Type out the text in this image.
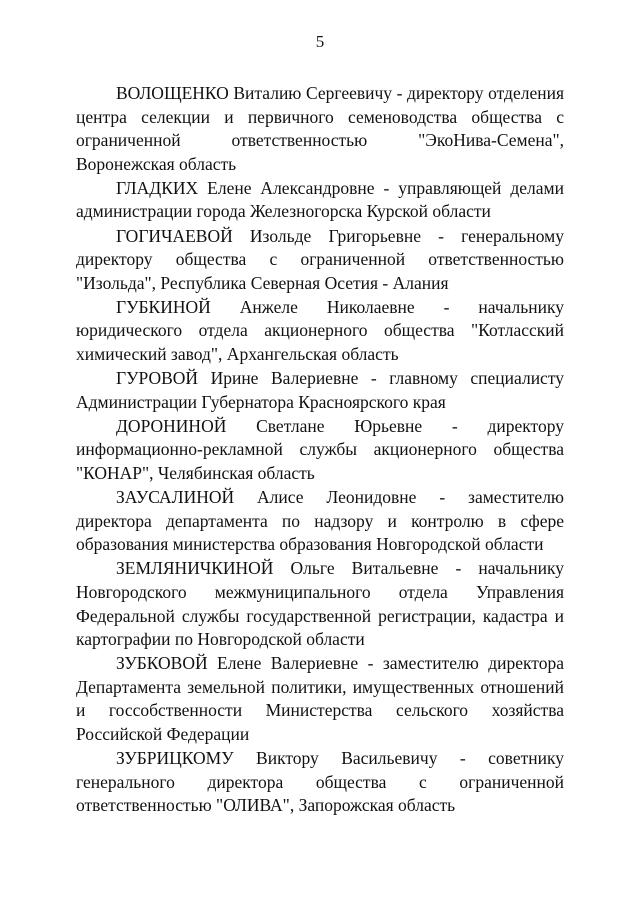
5

ВОЛОЩЕНКО Виталию Сергеевичу - директору отделения центра селекции и первичного семеноводства общества с ограниченной ответственностью "ЭкоНива-Семена", Воронежская область

ГЛАДКИХ Елене Александровне - управляющей делами администрации города Железногорска Курской области

ГОГИЧАЕВОЙ Изольде Григорьевне - генеральному директору общества с ограниченной ответственностью "Изольда", Республика Северная Осетия - Алания

ГУБКИНОЙ Анжеле Николаевне - начальнику юридического отдела акционерного общества "Котласский химический завод", Архангельская область

ГУРОВОЙ Ирине Валериевне - главному специалисту Администрации Губернатора Красноярского края

ДОРОНИНОЙ Светлане Юрьевне - директору информационно-рекламной службы акционерного общества "КОНАР", Челябинская область

ЗАУСАЛИНОЙ Алисе Леонидовне - заместителю директора департамента по надзору и контролю в сфере образования министерства образования Новгородской области

ЗЕМЛЯНИЧКИНОЙ Ольге Витальевне - начальнику Новгородского межмуниципального отдела Управления Федеральной службы государственной регистрации, кадастра и картографии по Новгородской области

ЗУБКОВОЙ Елене Валериевне - заместителю директора Департамента земельной политики, имущественных отношений и госсобственности Министерства сельского хозяйства Российской Федерации

ЗУБРИЦКОМУ Виктору Васильевичу - советнику генерального директора общества с ограниченной ответственностью "ОЛИВА", Запорожская область
